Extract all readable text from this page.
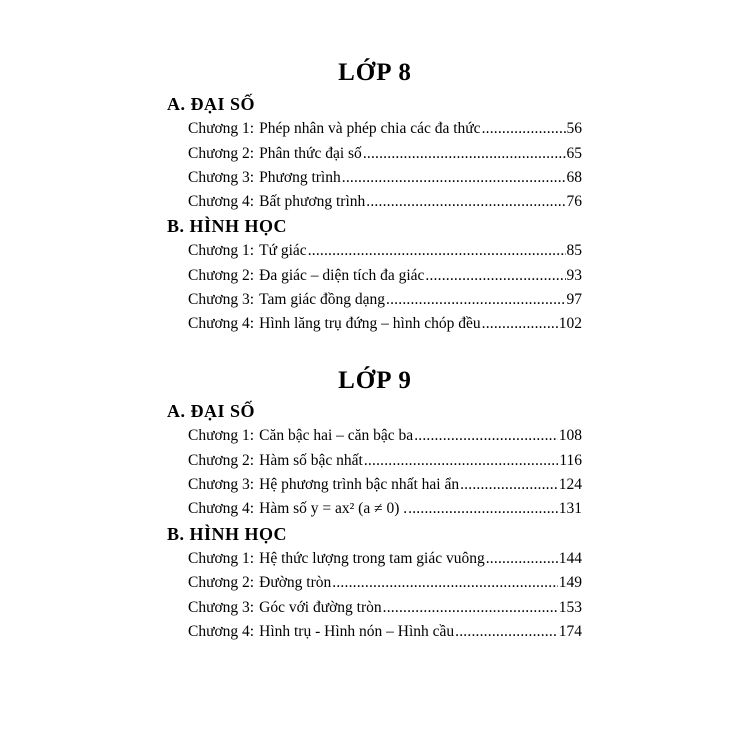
LỚP 8
A. ĐẠI SỐ
Chương 1: Phép nhân và phép chia các đa thức .....	56
Chương 2: Phân thức đại số .....	65
Chương 3: Phương trình .....	68
Chương 4: Bất phương trình .....	76
B. HÌNH HỌC
Chương 1: Tứ giác .....	85
Chương 2: Đa giác – diện tích đa giác .....	93
Chương 3: Tam giác đồng dạng .....	97
Chương 4: Hình lăng trụ đứng – hình chóp đều .....	102
LỚP 9
A. ĐẠI SỐ
Chương 1: Căn bậc hai – căn bậc ba .....	108
Chương 2: Hàm số bậc nhất .....	116
Chương 3: Hệ phương trình bậc nhất hai ẩn .....	124
Chương 4: Hàm số y = ax² (a ≠ 0) . .....	131
B. HÌNH HỌC
Chương 1: Hệ thức lượng trong tam giác vuông .....	144
Chương 2: Đường tròn .....	149
Chương 3: Góc với đường tròn .....	153
Chương 4: Hình trụ - Hình nón – Hình cầu .....	174
